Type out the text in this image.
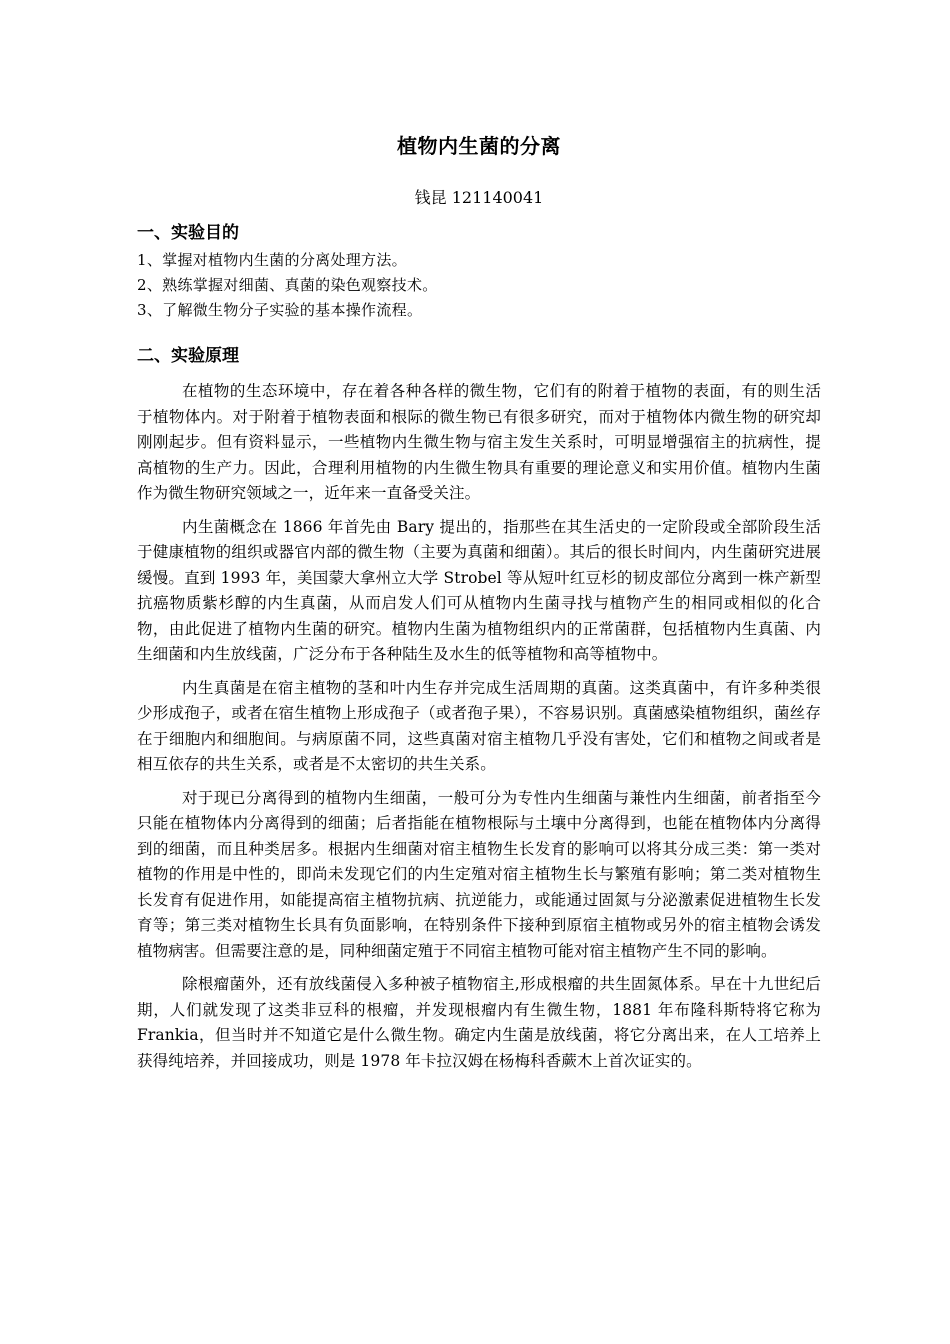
植物内生菌的分离
钱昆 121140041
一、实验目的
1、掌握对植物内生菌的分离处理方法。
2、熟练掌握对细菌、真菌的染色观察技术。
3、了解微生物分子实验的基本操作流程。
二、实验原理

在植物的生态环境中，存在着各种各样的微生物，它们有的附着于植物的表面，有的则生活于植物体内。对于附着于植物表面和根际的微生物已有很多研究，而对于植物体内微生物的研究却刚刚起步。但有资料显示，一些植物内生微生物与宿主发生关系时，可明显增强宿主的抗病性，提高植物的生产力。因此，合理利用植物的内生微生物具有重要的理论意义和实用价值。植物内生菌作为微生物研究领域之一，近年来一直备受关注。

内生菌概念在 1866 年首先由 Bary 提出的，指那些在其生活史的一定阶段或全部阶段生活于健康植物的组织或器官内部的微生物（主要为真菌和细菌）。其后的很长时间内，内生菌研究进展缓慢。直到 1993 年，美国蒙大拿州立大学 Strobel 等从短叶红豆杉的韧皮部位分离到一株产新型抗癌物质紫杉醇的内生真菌，从而启发人们可从植物内生菌寻找与植物产生的相同或相似的化合物，由此促进了植物内生菌的研究。植物内生菌为植物组织内的正常菌群，包括植物内生真菌、内生细菌和内生放线菌，广泛分布于各种陆生及水生的低等植物和高等植物中。

内生真菌是在宿主植物的茎和叶内生存并完成生活周期的真菌。这类真菌中，有许多种类很少形成孢子，或者在宿生植物上形成孢子（或者孢子果），不容易识别。真菌感染植物组织，菌丝存在于细胞内和细胞间。与病原菌不同，这些真菌对宿主植物几乎没有害处，它们和植物之间或者是相互依存的共生关系，或者是不太密切的共生关系。

对于现已分离得到的植物内生细菌，一般可分为专性内生细菌与兼性内生细菌，前者指至今只能在植物体内分离得到的细菌；后者指能在植物根际与土壤中分离得到，也能在植物体内分离得到的细菌，而且种类居多。根据内生细菌对宿主植物生长发育的影响可以将其分成三类：第一类对植物的作用是中性的，即尚未发现它们的内生定殖对宿主植物生长与繁殖有影响；第二类对植物生长发育有促进作用，如能提高宿主植物抗病、抗逆能力，或能通过固氮与分泌激素促进植物生长发育等；第三类对植物生长具有负面影响，在特别条件下接种到原宿主植物或另外的宿主植物会诱发植物病害。但需要注意的是，同种细菌定殖于不同宿主植物可能对宿主植物产生不同的影响。

除根瘤菌外，还有放线菌侵入多种被子植物宿主,形成根瘤的共生固氮体系。早在十九世纪后期，人们就发现了这类非豆科的根瘤，并发现根瘤内有生微生物，1881 年布隆科斯特将它称为 Frankia，但当时并不知道它是什么微生物。确定内生菌是放线菌，将它分离出来，在人工培养上获得纯培养，并回接成功，则是 1978 年卡拉汉姆在杨梅科香蕨木上首次证实的。
